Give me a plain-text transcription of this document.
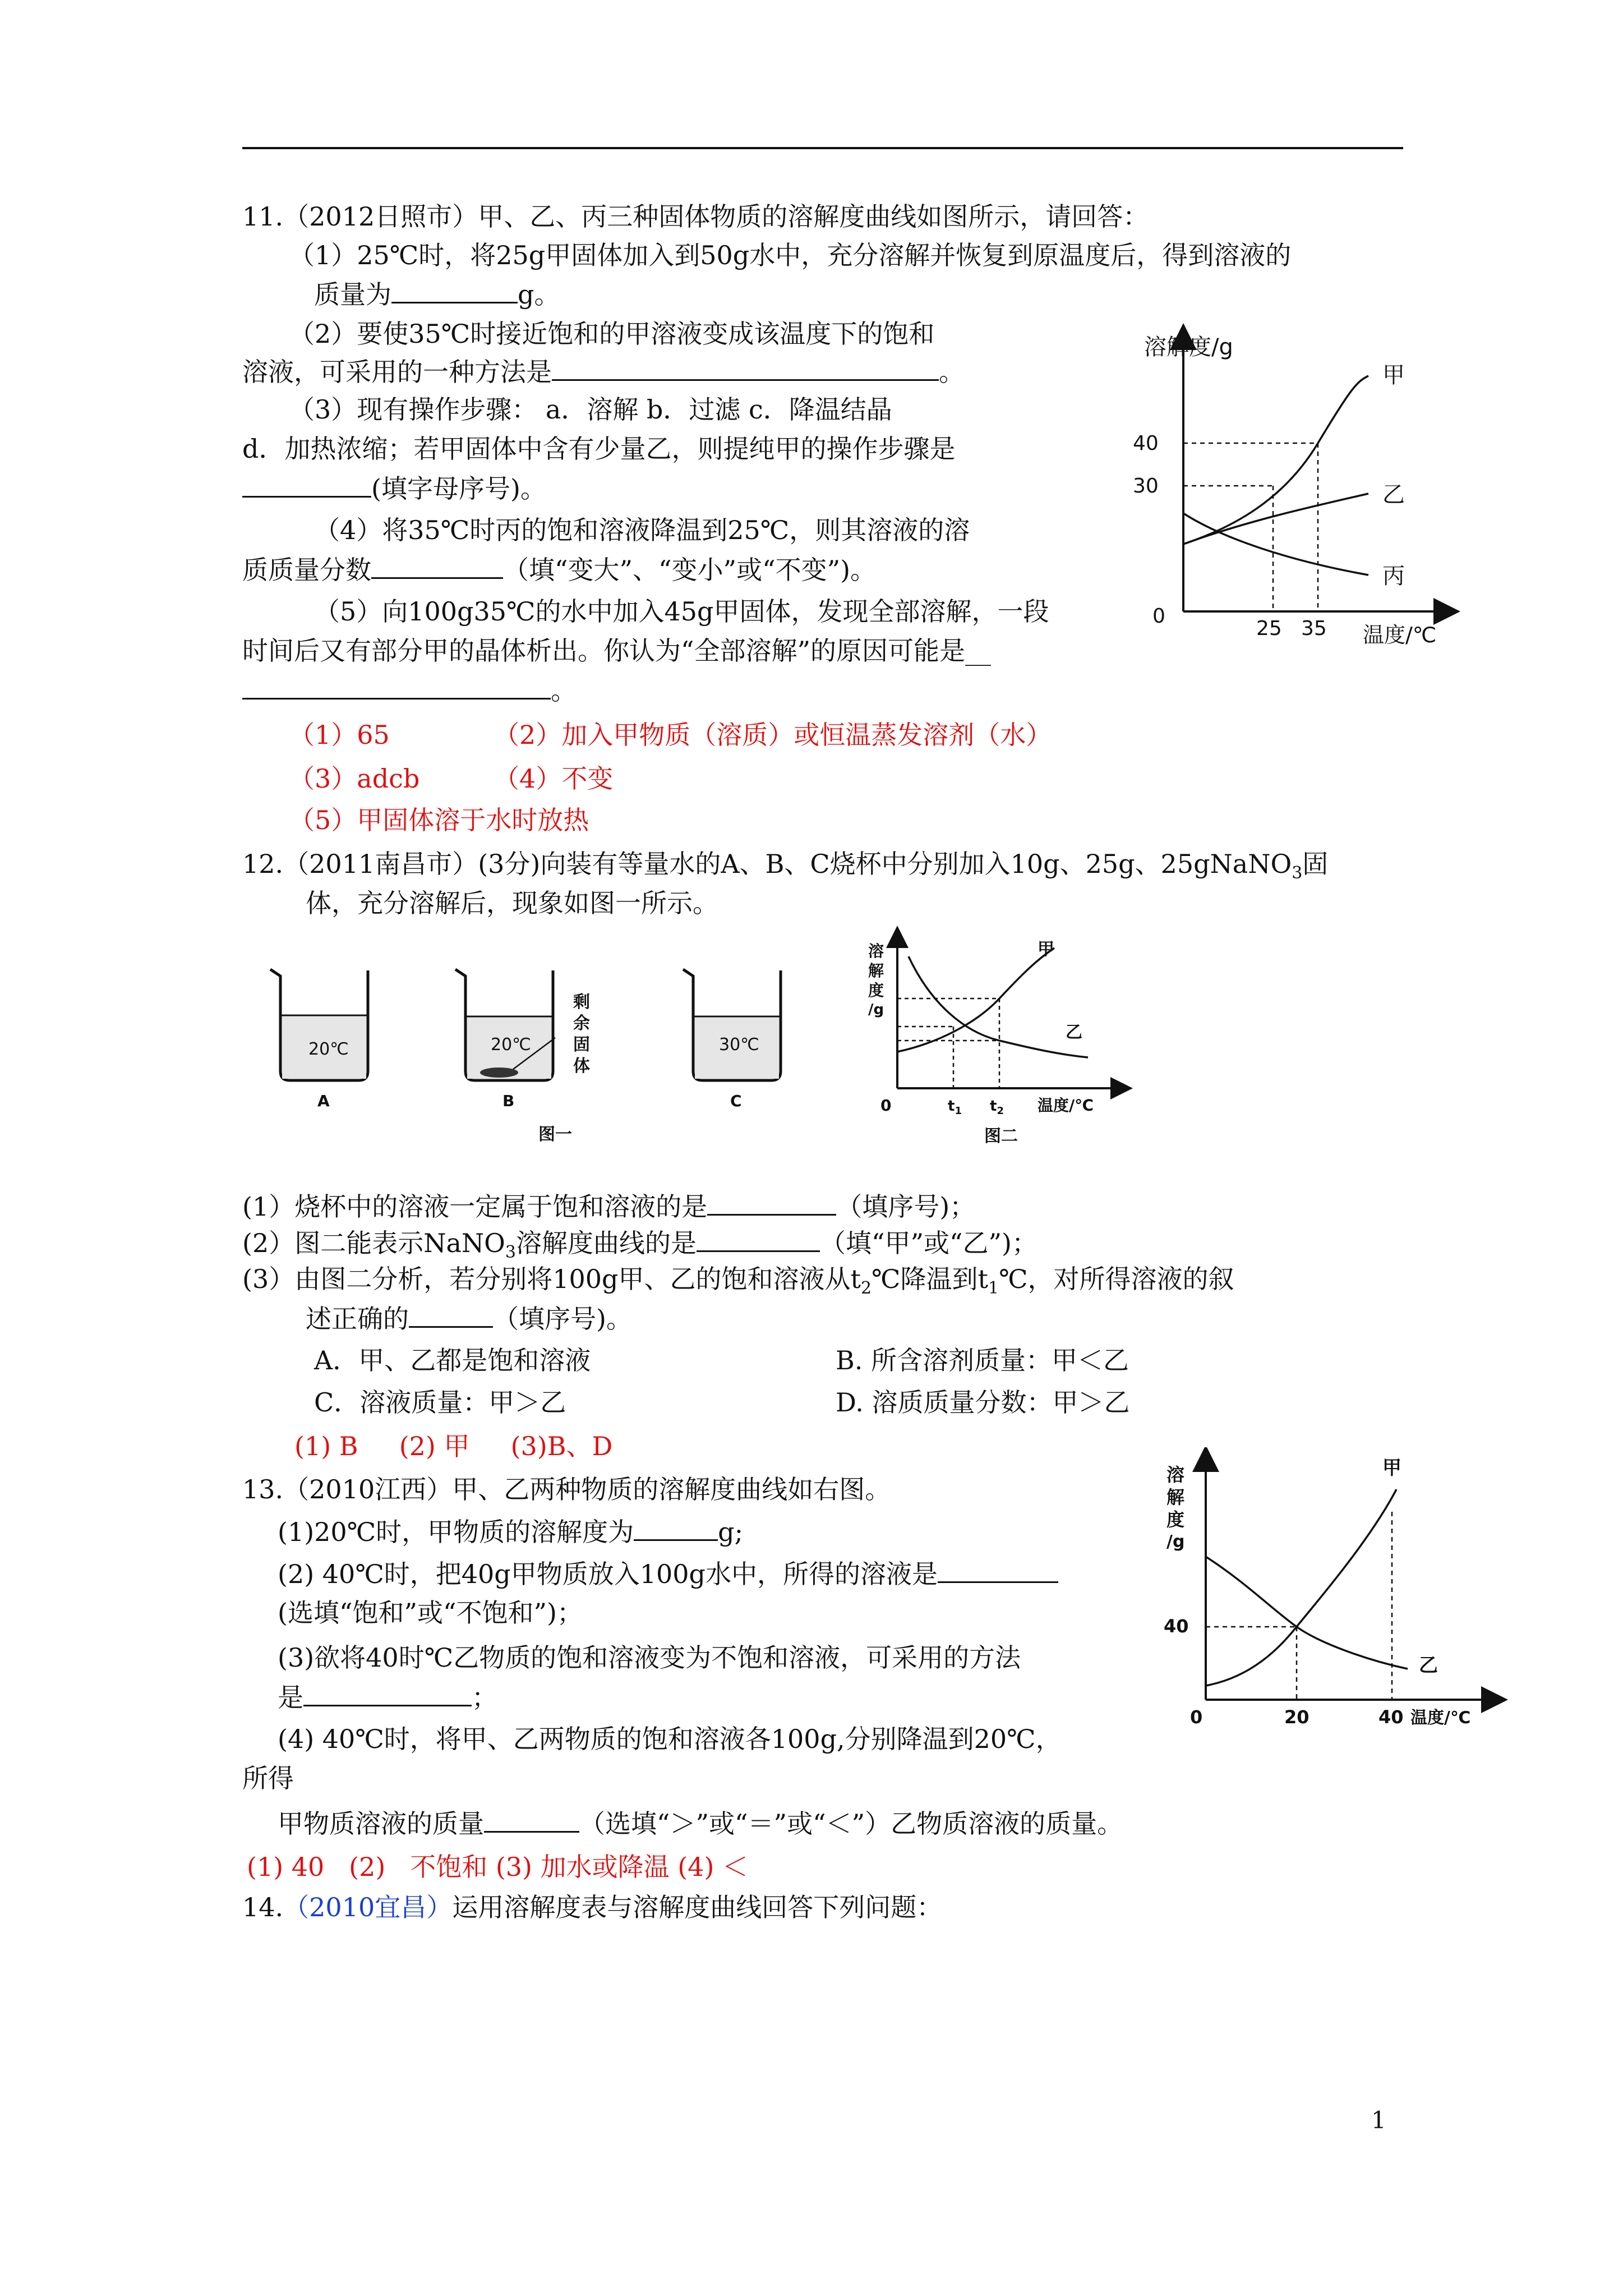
11.（2012日照市）甲、乙、丙三种固体物质的溶解度曲线如图所示，请回答：
（1）25℃时，将25g甲固体加入到50g水中，充分溶解并恢复到原温度后，得到溶液的
质量为	g。
（2）要使35℃时接近饱和的甲溶液变成该温度下的饱和
溶液，可采用的一种方法是	。
（3）现有操作步骤： a．溶解 b．过滤 c．降温结晶
d．加热浓缩；若甲固体中含有少量乙，则提纯甲的操作步骤是
(填字母序号)。
（4）将35℃时丙的饱和溶液降温到25℃，则其溶液的溶
质质量分数	（填“变大”、“变小”或“不变”)。
（5）向100g35℃的水中加入45g甲固体，发现全部溶解，一段
时间后又有部分甲的晶体析出。你认为“全部溶解”的原因可能是__
。
（1）65	（2）加入甲物质（溶质）或恒温蒸发溶剂（水）
（3）adcb	（4）不变
（5）甲固体溶于水时放热
溶解度/g
温度/℃
0
40
30
25 35
甲
乙
丙
12.（2011南昌市）(3分)向装有等量水的A、B、C烧杯中分别加入10g、25g、25gNaNO$_3$固
体，充分溶解后，现象如图一所示。
20℃
A
20℃
B
剩
余
固
体
30℃
C
图一
溶
解
度
/g
0	$t_1$ $t_2$ 温度/℃
甲
乙
图二
(1）烧杯中的溶液一定属于饱和溶液的是	（填序号)；
(2）图二能表示NaNO$_3$溶解度曲线的是	（填“甲”或“乙”)；
(3）由图二分析，若分别将100g甲、乙的饱和溶液从$t_2℃$降温到$t_1℃$，对所得溶液的叙
述正确的	（填序号)。
A．甲、乙都是饱和溶液	B. 所含溶剂质量：甲＜乙
C．溶液质量：甲＞乙	D. 溶质质量分数：甲＞乙
(1) B     (2) 甲     (3)B、D
13.（2010江西）甲、乙两种物质的溶解度曲线如右图。
(1)20℃时，甲物质的溶解度为	g;
(2) 40℃时，把40g甲物质放入100g水中，所得的溶液是
(选填“饱和”或“不饱和”)；
(3)欲将40时℃乙物质的饱和溶液变为不饱和溶液，可采用的方法
是	；
(4) 40℃时，将甲、乙两物质的饱和溶液各100g,分别降温到20℃，
所得
甲物质溶液的质量	（选填“＞”或“＝”或“＜”）乙物质溶液的质量。
(1) 40   (2)   不饱和 (3) 加水或降温 (4) ＜
溶
解
度
/g
40
0	20	40 温度/℃
甲
乙
14.（2010宜昌）运用溶解度表与溶解度曲线回答下列问题：
1
